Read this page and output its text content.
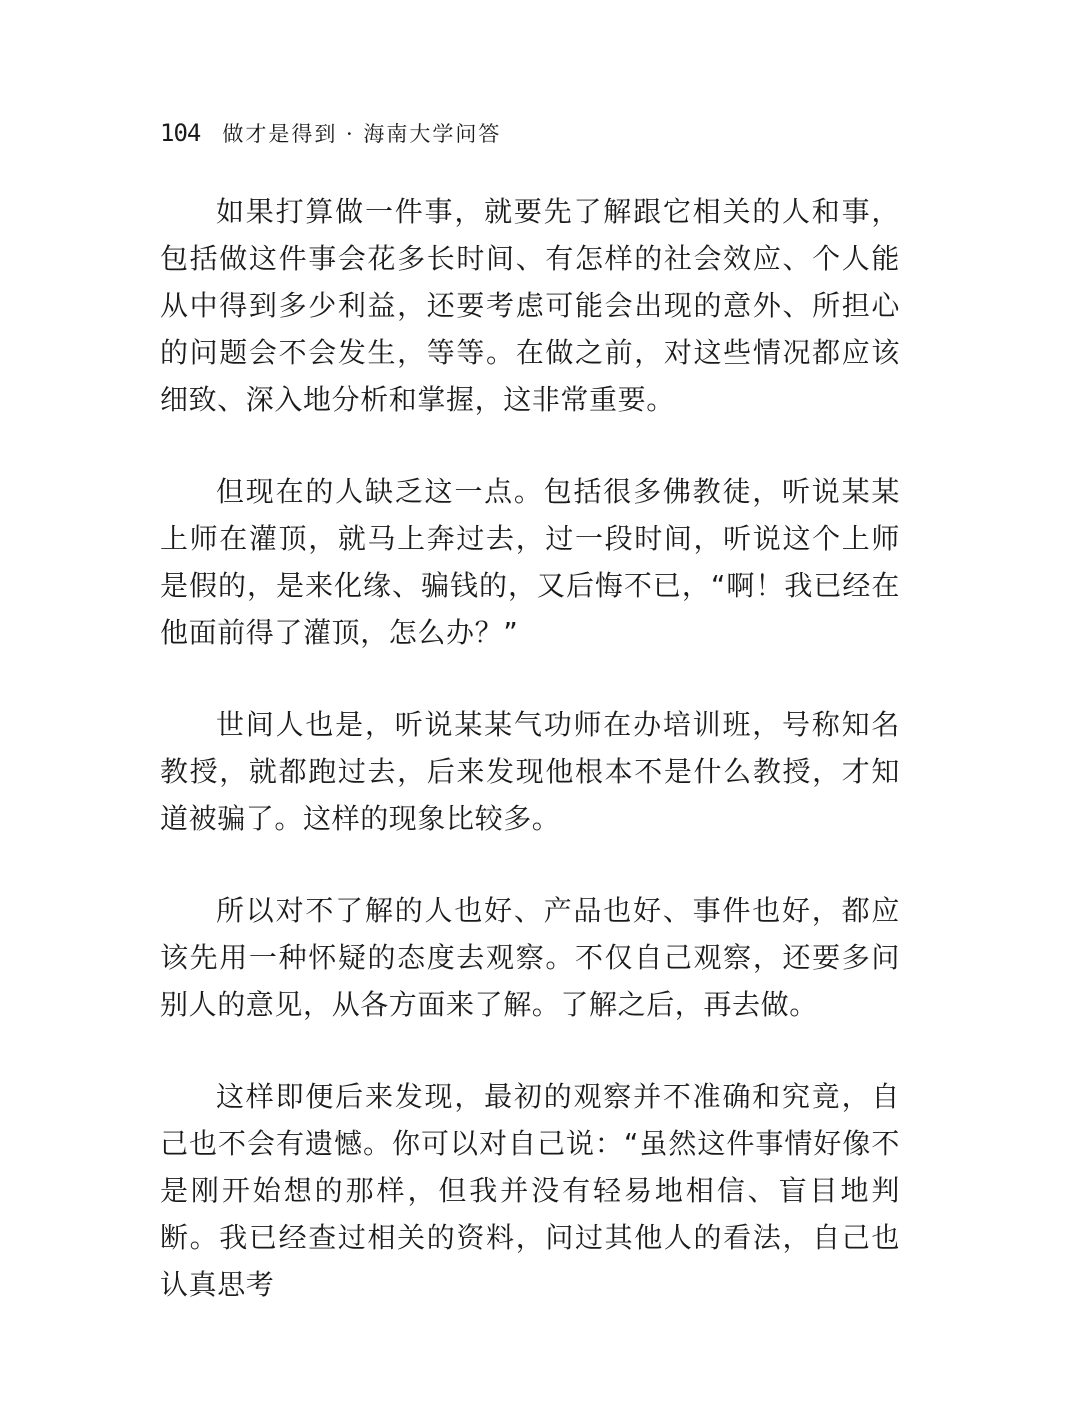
104 做才是得到 · 海南大学问答

如果打算做一件事，就要先了解跟它相关的人和事，包括做这件事会花多长时间、有怎样的社会效应、个人能从中得到多少利益，还要考虑可能会出现的意外、所担心的问题会不会发生，等等。在做之前，对这些情况都应该细致、深入地分析和掌握，这非常重要。

但现在的人缺乏这一点。包括很多佛教徒，听说某某上师在灌顶，就马上奔过去，过一段时间，听说这个上师是假的，是来化缘、骗钱的，又后悔不已，“啊！我已经在他面前得了灌顶，怎么办？”

世间人也是，听说某某气功师在办培训班，号称知名教授，就都跑过去，后来发现他根本不是什么教授，才知道被骗了。这样的现象比较多。

所以对不了解的人也好、产品也好、事件也好，都应该先用一种怀疑的态度去观察。不仅自己观察，还要多问别人的意见，从各方面来了解。了解之后，再去做。

这样即便后来发现，最初的观察并不准确和究竟，自己也不会有遗憾。你可以对自己说：“虽然这件事情好像不是刚开始想的那样，但我并没有轻易地相信、盲目地判断。我已经查过相关的资料，问过其他人的看法，自己也认真思考
